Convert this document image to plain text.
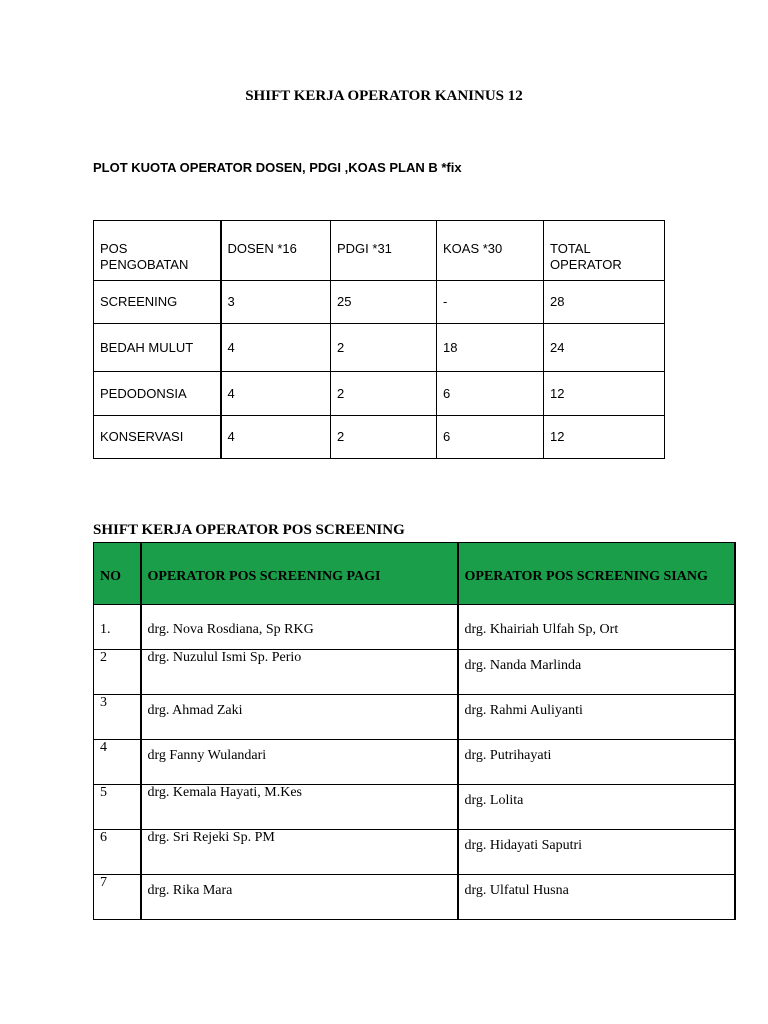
SHIFT KERJA OPERATOR KANINUS 12
PLOT KUOTA OPERATOR DOSEN, PDGI ,KOAS PLAN B *fix
POS PENGOBATAN	DOSEN *16	PDGI *31	KOAS *30	TOTAL OPERATOR
SCREENING	3	25	-	28
BEDAH MULUT	4	2	18	24
PEDODONSIA	4	2	6	12
KONSERVASI	4	2	6	12
SHIFT KERJA OPERATOR POS SCREENING
NO	OPERATOR POS SCREENING PAGI	OPERATOR POS SCREENING SIANG
1.	drg. Nova Rosdiana, Sp RKG	drg. Khairiah Ulfah Sp, Ort
2	drg. Nuzulul Ismi Sp. Perio	drg. Nanda Marlinda
3	drg. Ahmad Zaki	drg. Rahmi Auliyanti
4	drg Fanny Wulandari	drg. Putrihayati
5	drg. Kemala Hayati, M.Kes	drg. Lolita
6	drg. Sri Rejeki Sp. PM	drg. Hidayati Saputri
7	drg. Rika Mara	drg. Ulfatul Husna
